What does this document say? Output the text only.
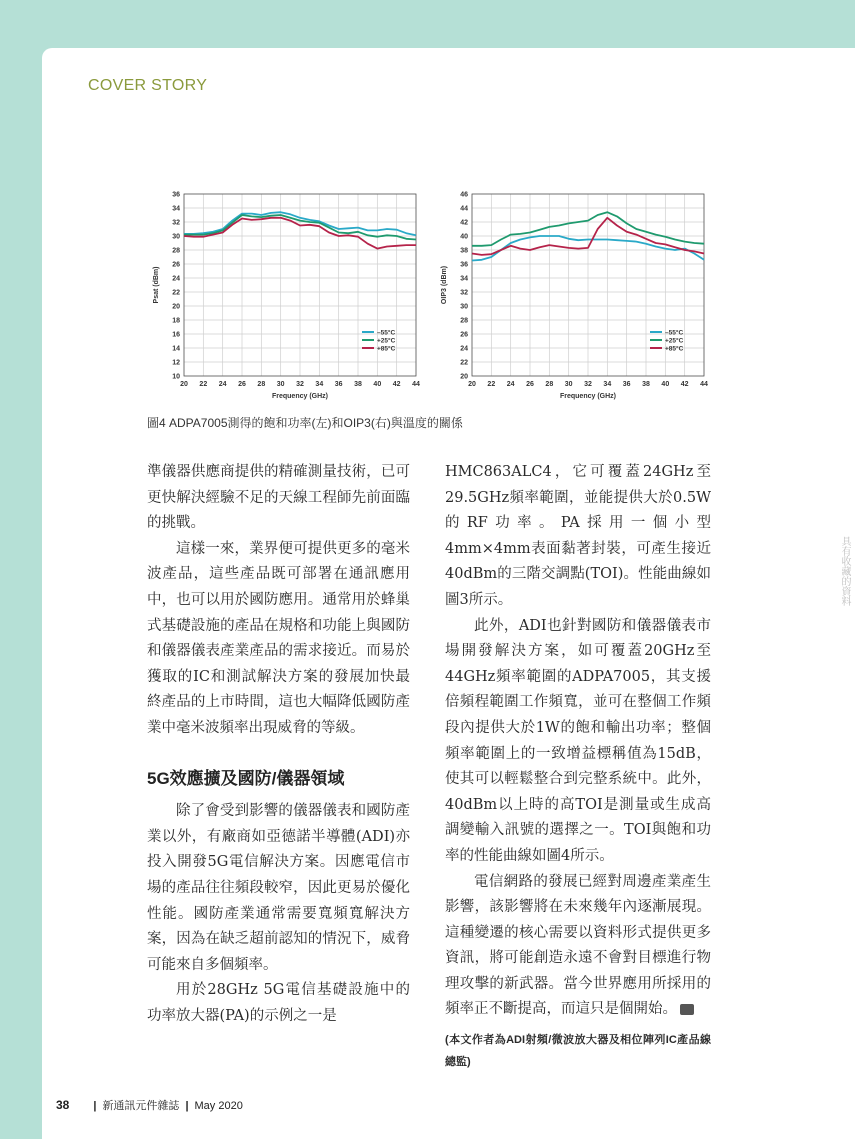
COVER STORY
20 22 24 26 28 30 32 34 36 38 40 42 44
10
12
14
16
18
20
22
24
26
28
30
32
34
36
Frequency (GHz)
Psat (dBm)
–55°C
+25°C
+85°C
20 22 24 26 28 30 32 34 36 38 40 42 44
20
22
24
26
28
30
32
34
36
38
40
42
44
46
Frequency (GHz)
OIP3 (dBm)
–55°C
+25°C
+85°C
圖4 ADPA7005測得的飽和功率(左)和OIP3(右)與溫度的關係

準儀器供應商提供的精確測量技術，已可更快解決經驗不足的天線工程師先前面臨的挑戰。

這樣一來，業界便可提供更多的毫米波產品，這些產品既可部署在通訊應用中，也可以用於國防應用。通常用於蜂巢式基礎設施的產品在規格和功能上與國防和儀器儀表產業產品的需求接近。而易於獲取的IC和測試解決方案的發展加快最終產品的上市時間，這也大幅降低國防產業中毫米波頻率出現威脅的等級。

5G效應擴及國防/儀器領域

除了會受到影響的儀器儀表和國防產業以外，有廠商如亞德諾半導體(ADI)亦投入開發5G電信解決方案。因應電信市場的產品往往頻段較窄，因此更易於優化性能。國防產業通常需要寬頻寬解決方案，因為在缺乏超前認知的情況下，威脅可能來自多個頻率。

用於28GHz 5G電信基礎設施中的功率放大器(PA)的示例之一是

HMC863ALC4，它可覆蓋24GHz至29.5GHz頻率範圍，並能提供大於0.5W的RF功率。PA採用一個小型4mm×4mm表面黏著封裝，可產生接近40dBm的三階交調點(TOI)。性能曲線如圖3所示。

此外，ADI也針對國防和儀器儀表市場開發解決方案，如可覆蓋20GHz至44GHz頻率範圍的ADPA7005，其支援倍頻程範圍工作頻寬，並可在整個工作頻段內提供大於1W的飽和輸出功率；整個頻率範圍上的一致增益標稱值為15dB，使其可以輕鬆整合到完整系統中。此外，40dBm以上時的高TOI是測量或生成高調變輸入訊號的選擇之一。TOI與飽和功率的性能曲線如圖4所示。

電信網路的發展已經對周邊產業產生影響，該影響將在未來幾年內逐漸展現。這種變遷的核心需要以資料形式提供更多資訊，將可能創造永遠不會對目標進行物理攻擊的新武器。當今世界應用所採用的頻率正不斷提高，而這只是個開始。

(本文作者為ADI射頻/微波放大器及相位陣列IC產品線總監)

具有收藏的資料
38 | 新通訊元件雜誌 | May 2020
